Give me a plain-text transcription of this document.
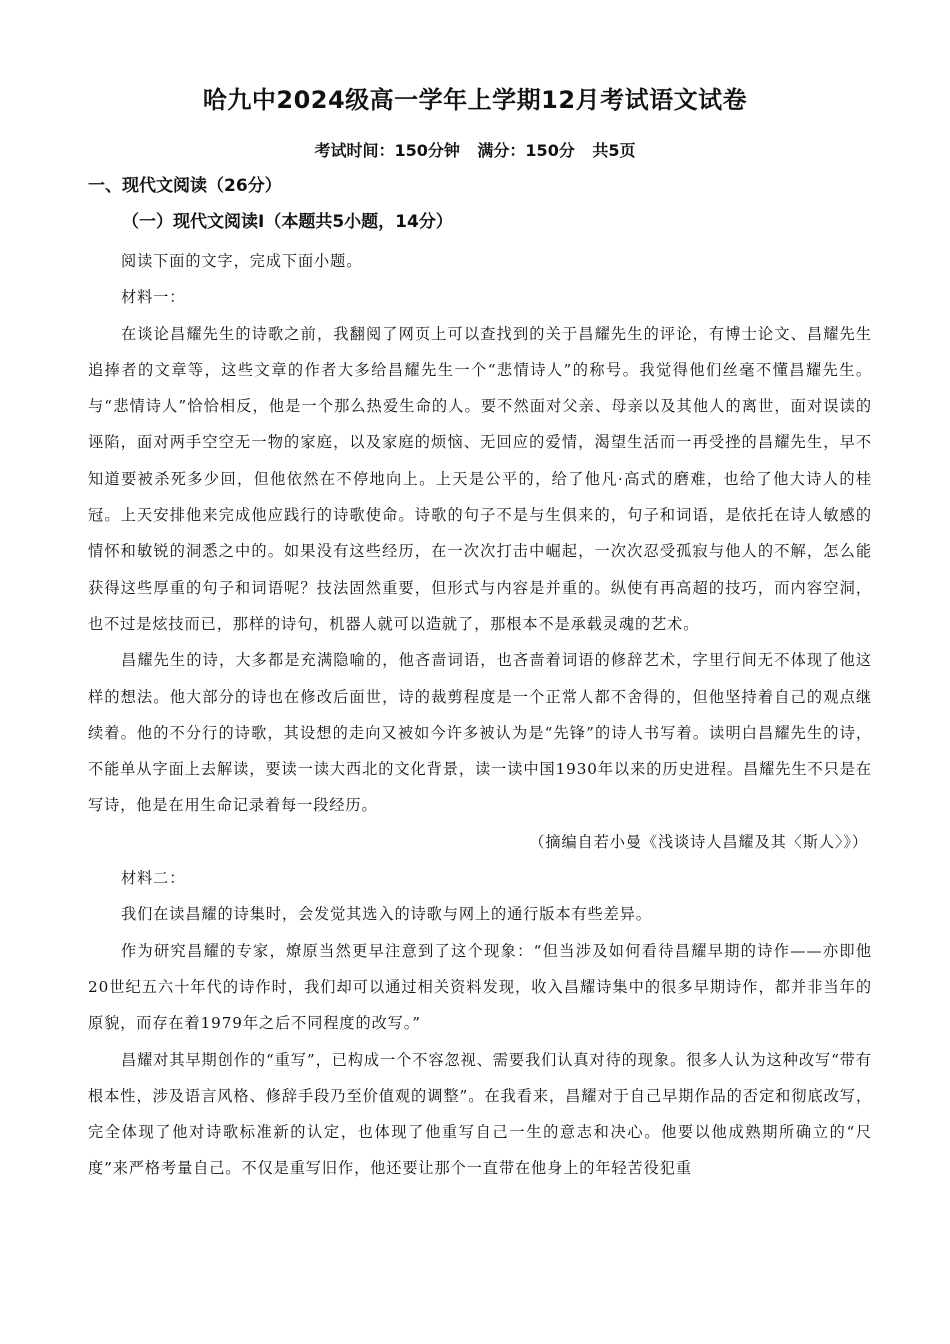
哈九中2024级高一学年上学期12月考试语文试卷
考试时间：150分钟 满分：150分 共5页
一、现代文阅读（26分）
（一）现代文阅读Ⅰ（本题共5小题，14分）

阅读下面的文字，完成下面小题。

材料一：

在谈论昌耀先生的诗歌之前，我翻阅了网页上可以查找到的关于昌耀先生的评论，有博士论文、昌耀先生追捧者的文章等，这些文章的作者大多给昌耀先生一个“悲情诗人”的称号。我觉得他们丝毫不懂昌耀先生。与“悲情诗人”恰恰相反，他是一个那么热爱生命的人。要不然面对父亲、母亲以及其他人的离世，面对误读的诬陷，面对两手空空无一物的家庭，以及家庭的烦恼、无回应的爱情，渴望生活而一再受挫的昌耀先生，早不知道要被杀死多少回，但他依然在不停地向上。上天是公平的，给了他凡·高式的磨难，也给了他大诗人的桂冠。上天安排他来完成他应践行的诗歌使命。诗歌的句子不是与生俱来的，句子和词语，是依托在诗人敏感的情怀和敏锐的洞悉之中的。如果没有这些经历，在一次次打击中崛起，一次次忍受孤寂与他人的不解，怎么能获得这些厚重的句子和词语呢？技法固然重要，但形式与内容是并重的。纵使有再高超的技巧，而内容空洞，也不过是炫技而已，那样的诗句，机器人就可以造就了，那根本不是承载灵魂的艺术。

昌耀先生的诗，大多都是充满隐喻的，他吝啬词语，也吝啬着词语的修辞艺术，字里行间无不体现了他这样的想法。他大部分的诗也在修改后面世，诗的裁剪程度是一个正常人都不舍得的，但他坚持着自己的观点继续着。他的不分行的诗歌，其设想的走向又被如今许多被认为是“先锋”的诗人书写着。读明白昌耀先生的诗，不能单从字面上去解读，要读一读大西北的文化背景，读一读中国1930年以来的历史进程。昌耀先生不只是在写诗，他是在用生命记录着每一段经历。

（摘编自若小曼《浅谈诗人昌耀及其〈斯人〉》）

材料二：

我们在读昌耀的诗集时，会发觉其选入的诗歌与网上的通行版本有些差异。

作为研究昌耀的专家，燎原当然更早注意到了这个现象：“但当涉及如何看待昌耀早期的诗作——亦即他20世纪五六十年代的诗作时，我们却可以通过相关资料发现，收入昌耀诗集中的很多早期诗作，都并非当年的原貌，而存在着1979年之后不同程度的改写。”

昌耀对其早期创作的“重写”，已构成一个不容忽视、需要我们认真对待的现象。很多人认为这种改写“带有根本性，涉及语言风格、修辞手段乃至价值观的调整”。在我看来，昌耀对于自己早期作品的否定和彻底改写，完全体现了他对诗歌标准新的认定，也体现了他重写自己一生的意志和决心。他要以他成熟期所确立的“尺度”来严格考量自己。不仅是重写旧作，他还要让那个一直带在他身上的年轻苦役犯重
